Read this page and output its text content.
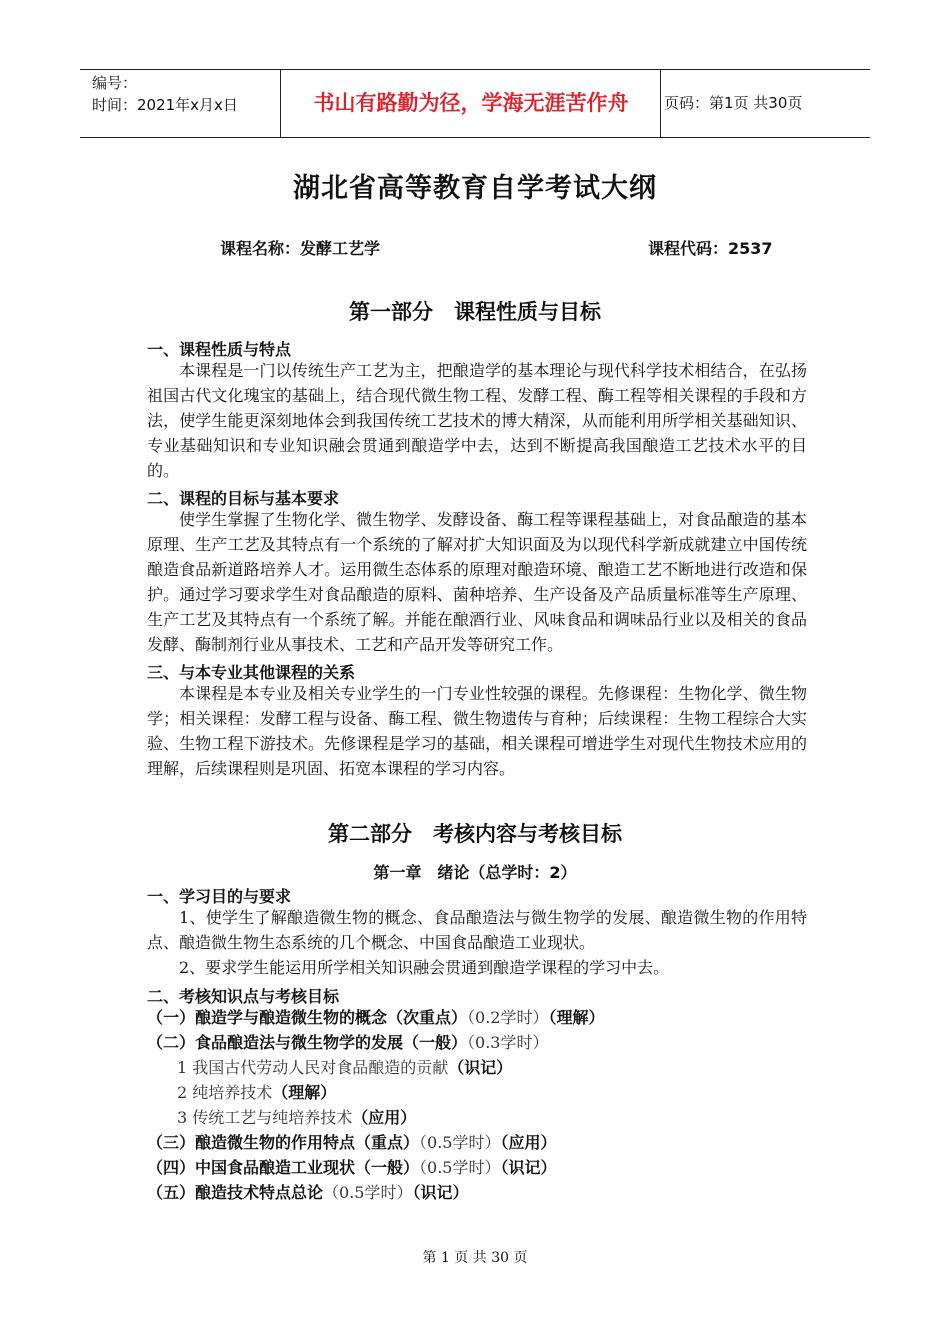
编号：
时间：2021年x月x日	书山有路勤为径，学海无涯苦作舟	页码：第1页 共30页
湖北省高等教育自学考试大纲
课程名称：发酵工艺学	课程代码：2537
第一部分　课程性质与目标
一、课程性质与特点
本课程是一门以传统生产工艺为主，把酿造学的基本理论与现代科学技术相结合，在弘扬祖国古代文化瑰宝的基础上，结合现代微生物工程、发酵工程、酶工程等相关课程的手段和方法，使学生能更深刻地体会到我国传统工艺技术的博大精深，从而能利用所学相关基础知识、专业基础知识和专业知识融会贯通到酿造学中去，达到不断提高我国酿造工艺技术水平的目的。
二、课程的目标与基本要求
使学生掌握了生物化学、微生物学、发酵设备、酶工程等课程基础上，对食品酿造的基本原理、生产工艺及其特点有一个系统的了解对扩大知识面及为以现代科学新成就建立中国传统酿造食品新道路培养人才。运用微生态体系的原理对酿造环境、酿造工艺不断地进行改造和保护。通过学习要求学生对食品酿造的原料、菌种培养、生产设备及产品质量标准等生产原理、生产工艺及其特点有一个系统了解。并能在酿酒行业、风味食品和调味品行业以及相关的食品发酵、酶制剂行业从事技术、工艺和产品开发等研究工作。
三、与本专业其他课程的关系
本课程是本专业及相关专业学生的一门专业性较强的课程。先修课程：生物化学、微生物学；相关课程：发酵工程与设备、酶工程、微生物遗传与育种；后续课程：生物工程综合大实验、生物工程下游技术。先修课程是学习的基础，相关课程可增进学生对现代生物技术应用的理解，后续课程则是巩固、拓宽本课程的学习内容。
第二部分　考核内容与考核目标
第一章　绪论（总学时：2）
一、学习目的与要求
1、使学生了解酿造微生物的概念、食品酿造法与微生物学的发展、酿造微生物的作用特点、酿造微生物生态系统的几个概念、中国食品酿造工业现状。
2、要求学生能运用所学相关知识融会贯通到酿造学课程的学习中去。
二、考核知识点与考核目标
（一）酿造学与酿造微生物的概念（次重点）（0.2学时）（理解）
（二）食品酿造法与微生物学的发展（一般）（0.3学时）
1 我国古代劳动人民对食品酿造的贡献（识记）
2 纯培养技术（理解）
3 传统工艺与纯培养技术（应用）
（三）酿造微生物的作用特点（重点）（0.5学时）（应用）
（四）中国食品酿造工业现状（一般）（0.5学时）（识记）
（五）酿造技术特点总论（0.5学时）（识记）
第 1 页 共 30 页
